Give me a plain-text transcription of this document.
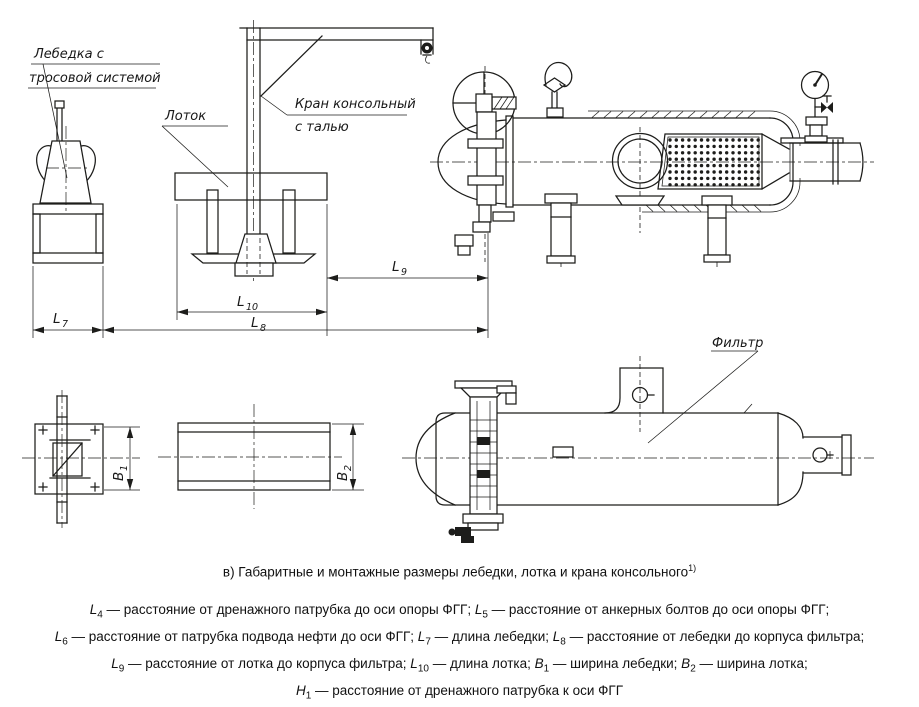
L 9
L 10
L 8
L 7
Лебедка с
тросовой системой
Лоток
Кран консольный
с талью
B
1
B
2
Фильтр
в) Габаритные и монтажные размеры лебедки, лотка и крана консольного$^{1)}$
$L_4$ — расстояние от дренажного патрубка до оси опоры ФГГ; $L_5$ — расстояние от анкерных болтов до оси опоры ФГГ;
$L_6$ — расстояние от патрубка подвода нефти до оси ФГГ; $L_7$ — длина лебедки; $L_8$ — расстояние от лебедки до корпуса фильтра;
$L_9$ — расстояние от лотка до корпуса фильтра; $L_{10}$ — длина лотка; $B_1$ — ширина лебедки; $B_2$ — ширина лотка;
$H_1$ — расстояние от дренажного патрубка к оси ФГГ
